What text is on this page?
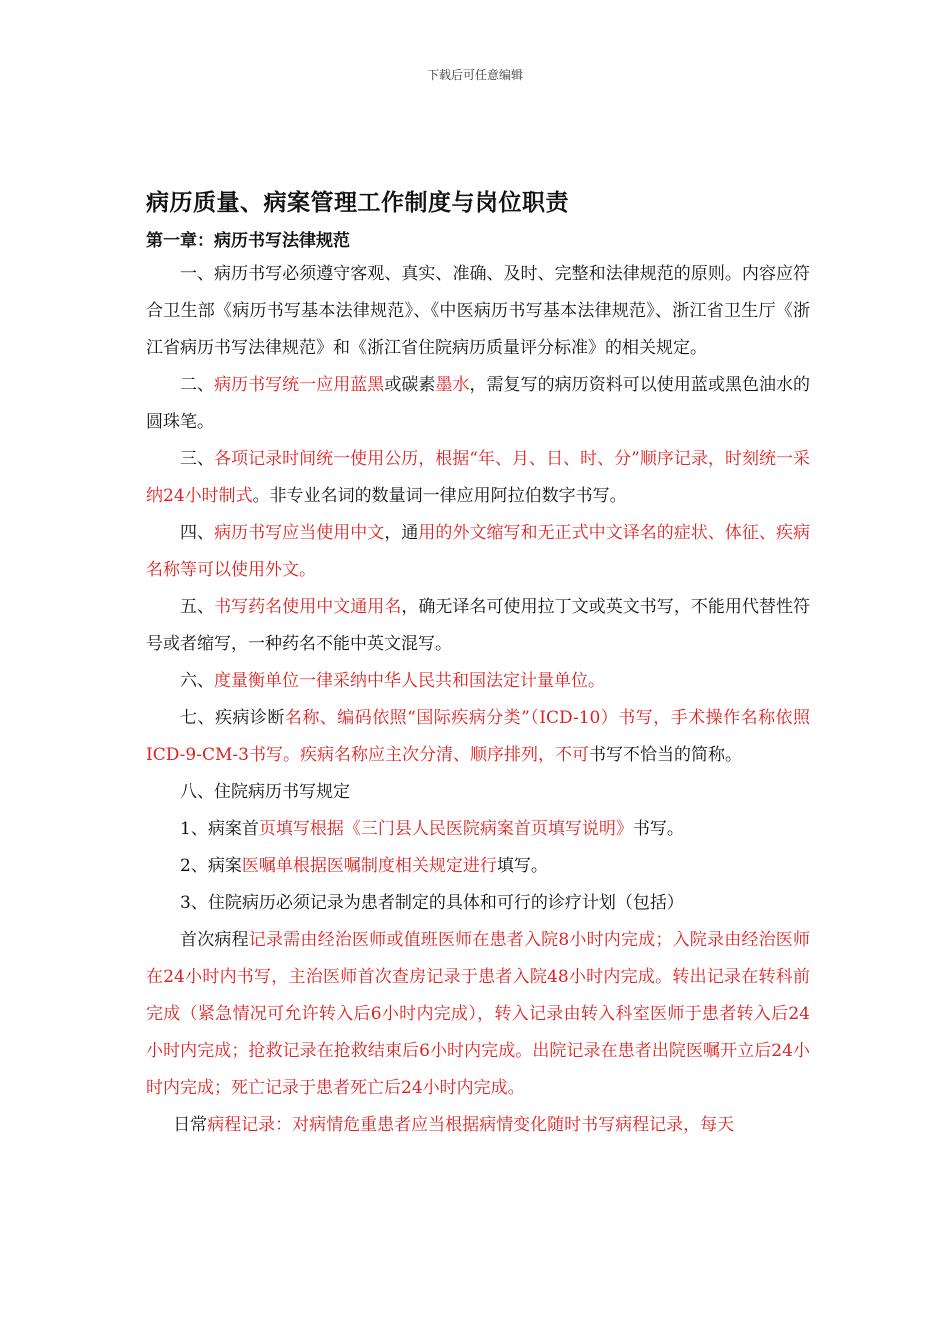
下载后可任意编辑
病历质量、病案管理工作制度与岗位职责
第一章：病历书写法律规范

一、病历书写必须遵守客观、真实、准确、及时、完整和法律规范的原则。内容应符合卫生部《病历书写基本法律规范》、《中医病历书写基本法律规范》、浙江省卫生厅《浙江省病历书写法律规范》和《浙江省住院病历质量评分标准》的相关规定。

二、病历书写统一应用蓝黑或碳素墨水，需复写的病历资料可以使用蓝或黑色油水的圆珠笔。

三、各项记录时间统一使用公历，根据“年、月、日、时、分”顺序记录，时刻统一采纳24小时制式。非专业名词的数量词一律应用阿拉伯数字书写。

四、病历书写应当使用中文，通用的外文缩写和无正式中文译名的症状、体征、疾病名称等可以使用外文。

五、书写药名使用中文通用名，确无译名可使用拉丁文或英文书写，不能用代替性符号或者缩写，一种药名不能中英文混写。

六、度量衡单位一律采纳中华人民共和国法定计量单位。

七、疾病诊断名称、编码依照“国际疾病分类”（ICD-10）书写，手术操作名称依照ICD-9-CM-3书写。疾病名称应主次分清、顺序排列，不可书写不恰当的简称。

八、住院病历书写规定

1、病案首页填写根据《三门县人民医院病案首页填写说明》书写。

2、病案医嘱单根据医嘱制度相关规定进行填写。

3、住院病历必须记录为患者制定的具体和可行的诊疗计划（包括）

首次病程记录需由经治医师或值班医师在患者入院8小时内完成；入院录由经治医师在24小时内书写，主治医师首次查房记录于患者入院48小时内完成。转出记录在转科前完成（紧急情况可允许转入后6小时内完成），转入记录由转入科室医师于患者转入后24小时内完成；抢救记录在抢救结束后6小时内完成。出院记录在患者出院医嘱开立后24小时内完成；死亡记录于患者死亡后24小时内完成。

日常病程记录：对病情危重患者应当根据病情变化随时书写病程记录，每天
